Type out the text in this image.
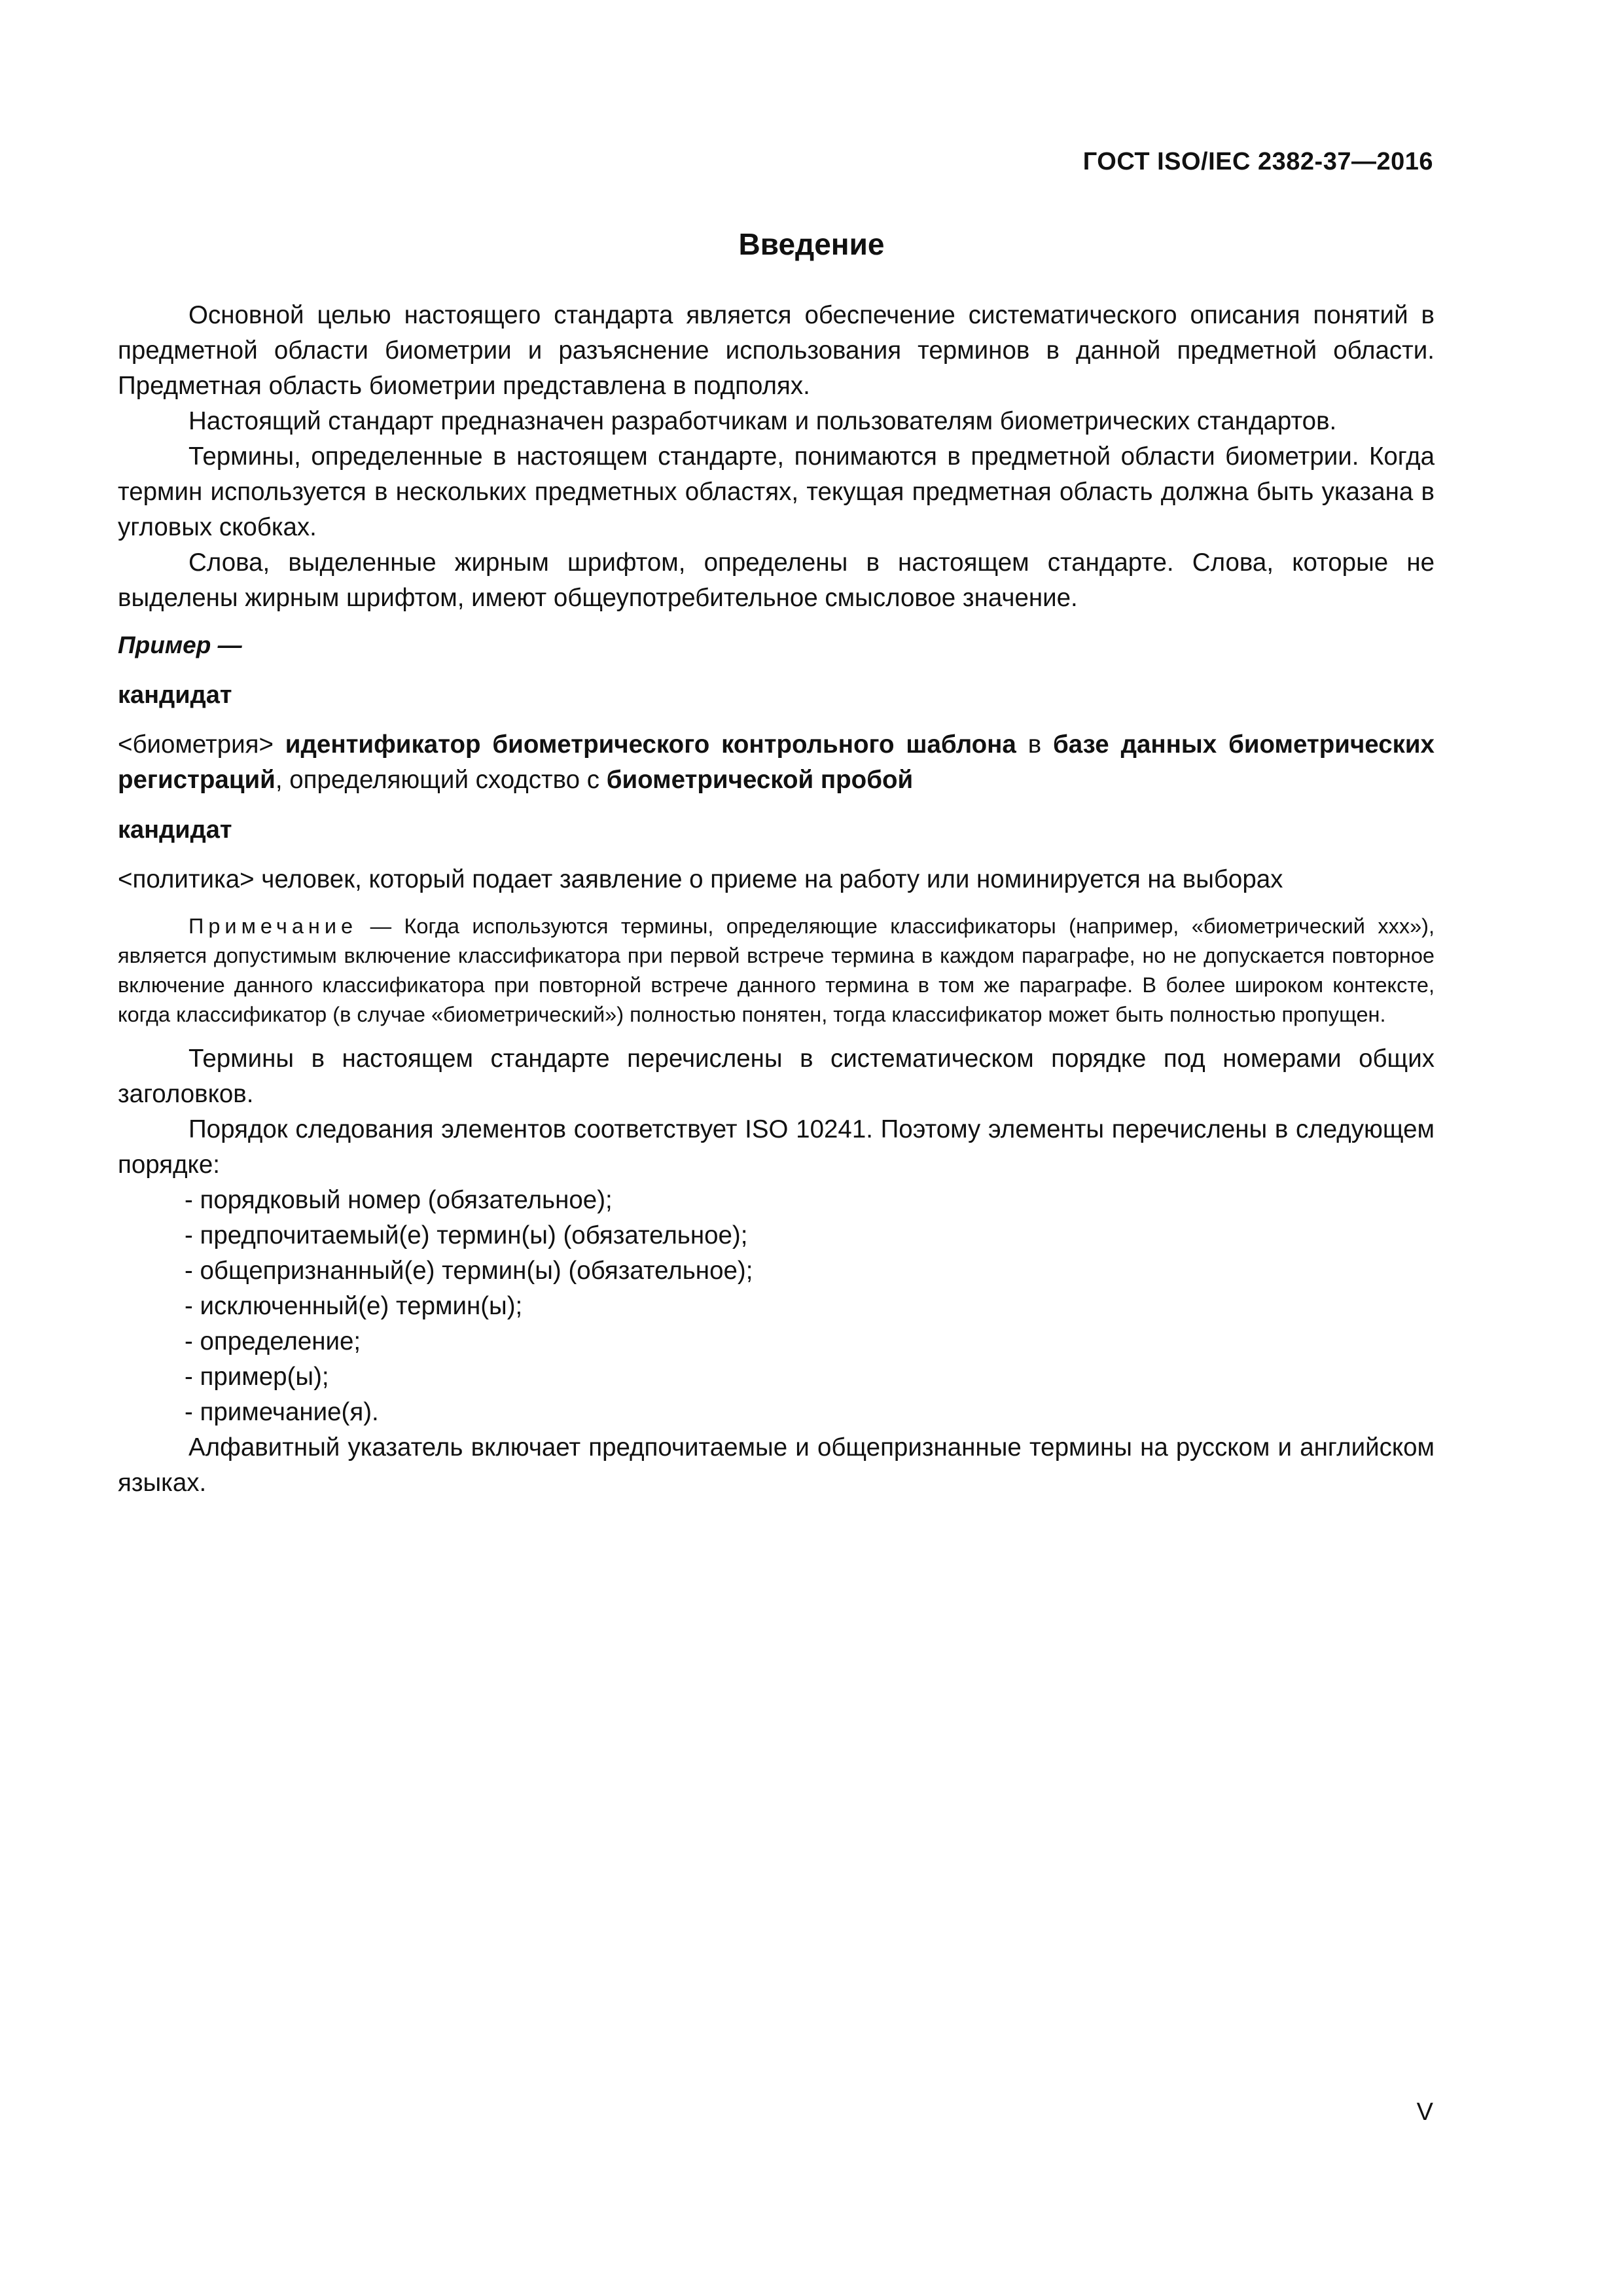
ГОСТ ISO/IEC 2382-37—2016
Введение

Основной целью настоящего стандарта является обеспечение систематического описания понятий в предметной области биометрии и разъяснение использования терминов в данной предметной области. Предметная область биометрии представлена в подполях.

Настоящий стандарт предназначен разработчикам и пользователям биометрических стандартов.

Термины, определенные в настоящем стандарте, понимаются в предметной области биометрии. Когда термин используется в нескольких предметных областях, текущая предметная область должна быть указана в угловых скобках.

Слова, выделенные жирным шрифтом, определены в настоящем стандарте. Слова, которые не выделены жирным шрифтом, имеют общеупотребительное смысловое значение.

Пример —

кандидат

<биометрия> идентификатор биометрического контрольного шаблона в базе данных биометрических регистраций, определяющий сходство с биометрической пробой

кандидат

<политика> человек, который подает заявление о приеме на работу или номинируется на выборах

Примечание — Когда используются термины, определяющие классификаторы (например, «биометрический xxx»), является допустимым включение классификатора при первой встрече термина в каждом параграфе, но не допускается повторное включение данного классификатора при повторной встрече данного термина в том же параграфе. В более широком контексте, когда классификатор (в случае «биометрический») полностью понятен, тогда классификатор может быть полностью пропущен.

Термины в настоящем стандарте перечислены в систематическом порядке под номерами общих заголовков.

Порядок следования элементов соответствует ISO 10241. Поэтому элементы перечислены в следующем порядке:

- порядковый номер (обязательное);
- предпочитаемый(е) термин(ы) (обязательное);
- общепризнанный(е) термин(ы) (обязательное);
- исключенный(е) термин(ы);
- определение;
- пример(ы);
- примечание(я).

Алфавитный указатель включает предпочитаемые и общепризнанные термины на русском и английском языках.

V
